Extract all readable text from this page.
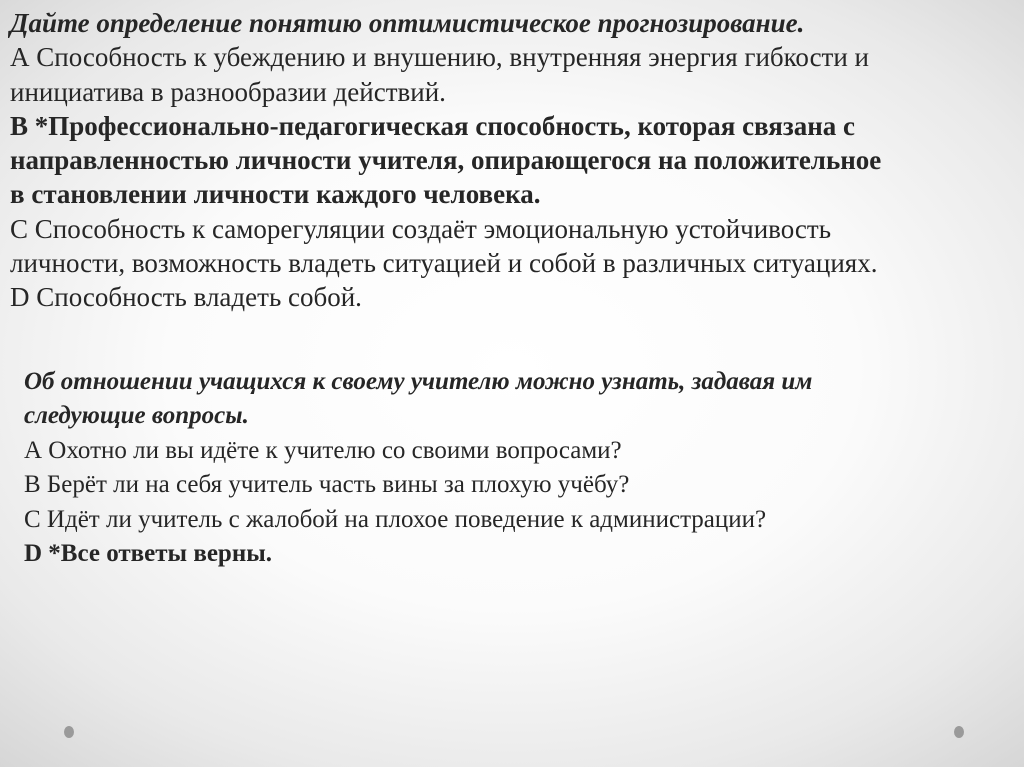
Дайте определение понятию оптимистическое прогнозирование.
А Способность к убеждению и внушению, внутренняя энергия гибкости и
инициатива в разнообразии действий.
В *Профессионально-педагогическая способность, которая связана с
направленностью личности учителя, опирающегося на положительное
в становлении личности каждого человека.
С Способность к саморегуляции создаёт эмоциональную устойчивость
личности, возможность владеть ситуацией и собой в различных ситуациях.
D Способность владеть собой.
Об отношении учащихся к своему учителю можно узнать, задавая им
следующие вопросы.
А Охотно ли вы идёте к учителю со своими вопросами?
В Берёт ли на себя учитель часть вины за плохую учёбу?
С Идёт ли учитель с жалобой на плохое поведение к администрации?
D *Все ответы верны.
